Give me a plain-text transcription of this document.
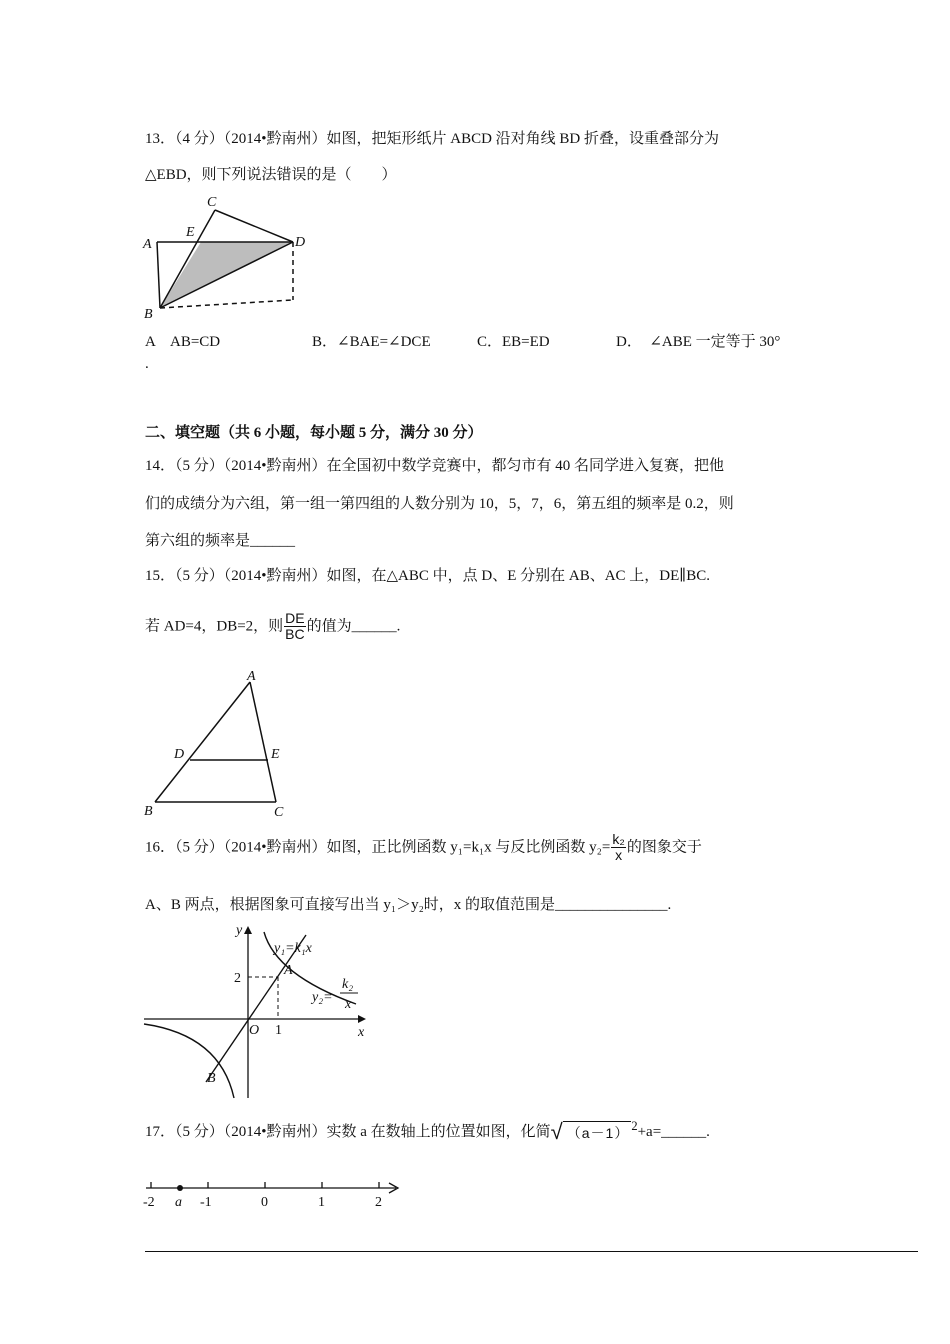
13．（4 分）（2014•黔南州）如图，把矩形纸片 ABCD 沿对角线 BD 折叠，设重叠部分为
△EBD，则下列说法错误的是（　　）
A
B
C
D
E
A　AB=CD	B．∠BAE=∠DCE	C．EB=ED	D．　∠ABE 一定等于 30°
.
二、填空题（共 6 小题，每小题 5 分，满分 30 分）
14．（5 分）（2014•黔南州）在全国初中数学竞赛中，都匀市有 40 名同学进入复赛，把他
们的成绩分为六组，第一组一第四组的人数分别为 10，5，7，6，第五组的频率是 0.2，则
第六组的频率是______
15．（5 分）（2014•黔南州）如图，在△ABC 中，点 D、E 分别在 AB、AC 上，DE∥BC.
若 AD=4，DB=2，则 $\frac{DE}{BC}$ 的值为______.
A
B	C
D	E
16．（5 分）（2014•黔南州）如图，正比例函数 y₁=k₁x 与反比例函数 $y_2= \frac{\text{k₂}}{x}$ 的图象交于
A、B 两点，根据图象可直接写出当 y₁＞y₂时，x 的取值范围是_______________.
y
x
O 1
2
A
B
y₁=k₁x
y₂=
k₂
x
17．（5 分）（2014•黔南州）实数 a 在数轴上的位置如图，化简√ （a－1） $^2$+a=______.
-2 a -1	0	1	2
